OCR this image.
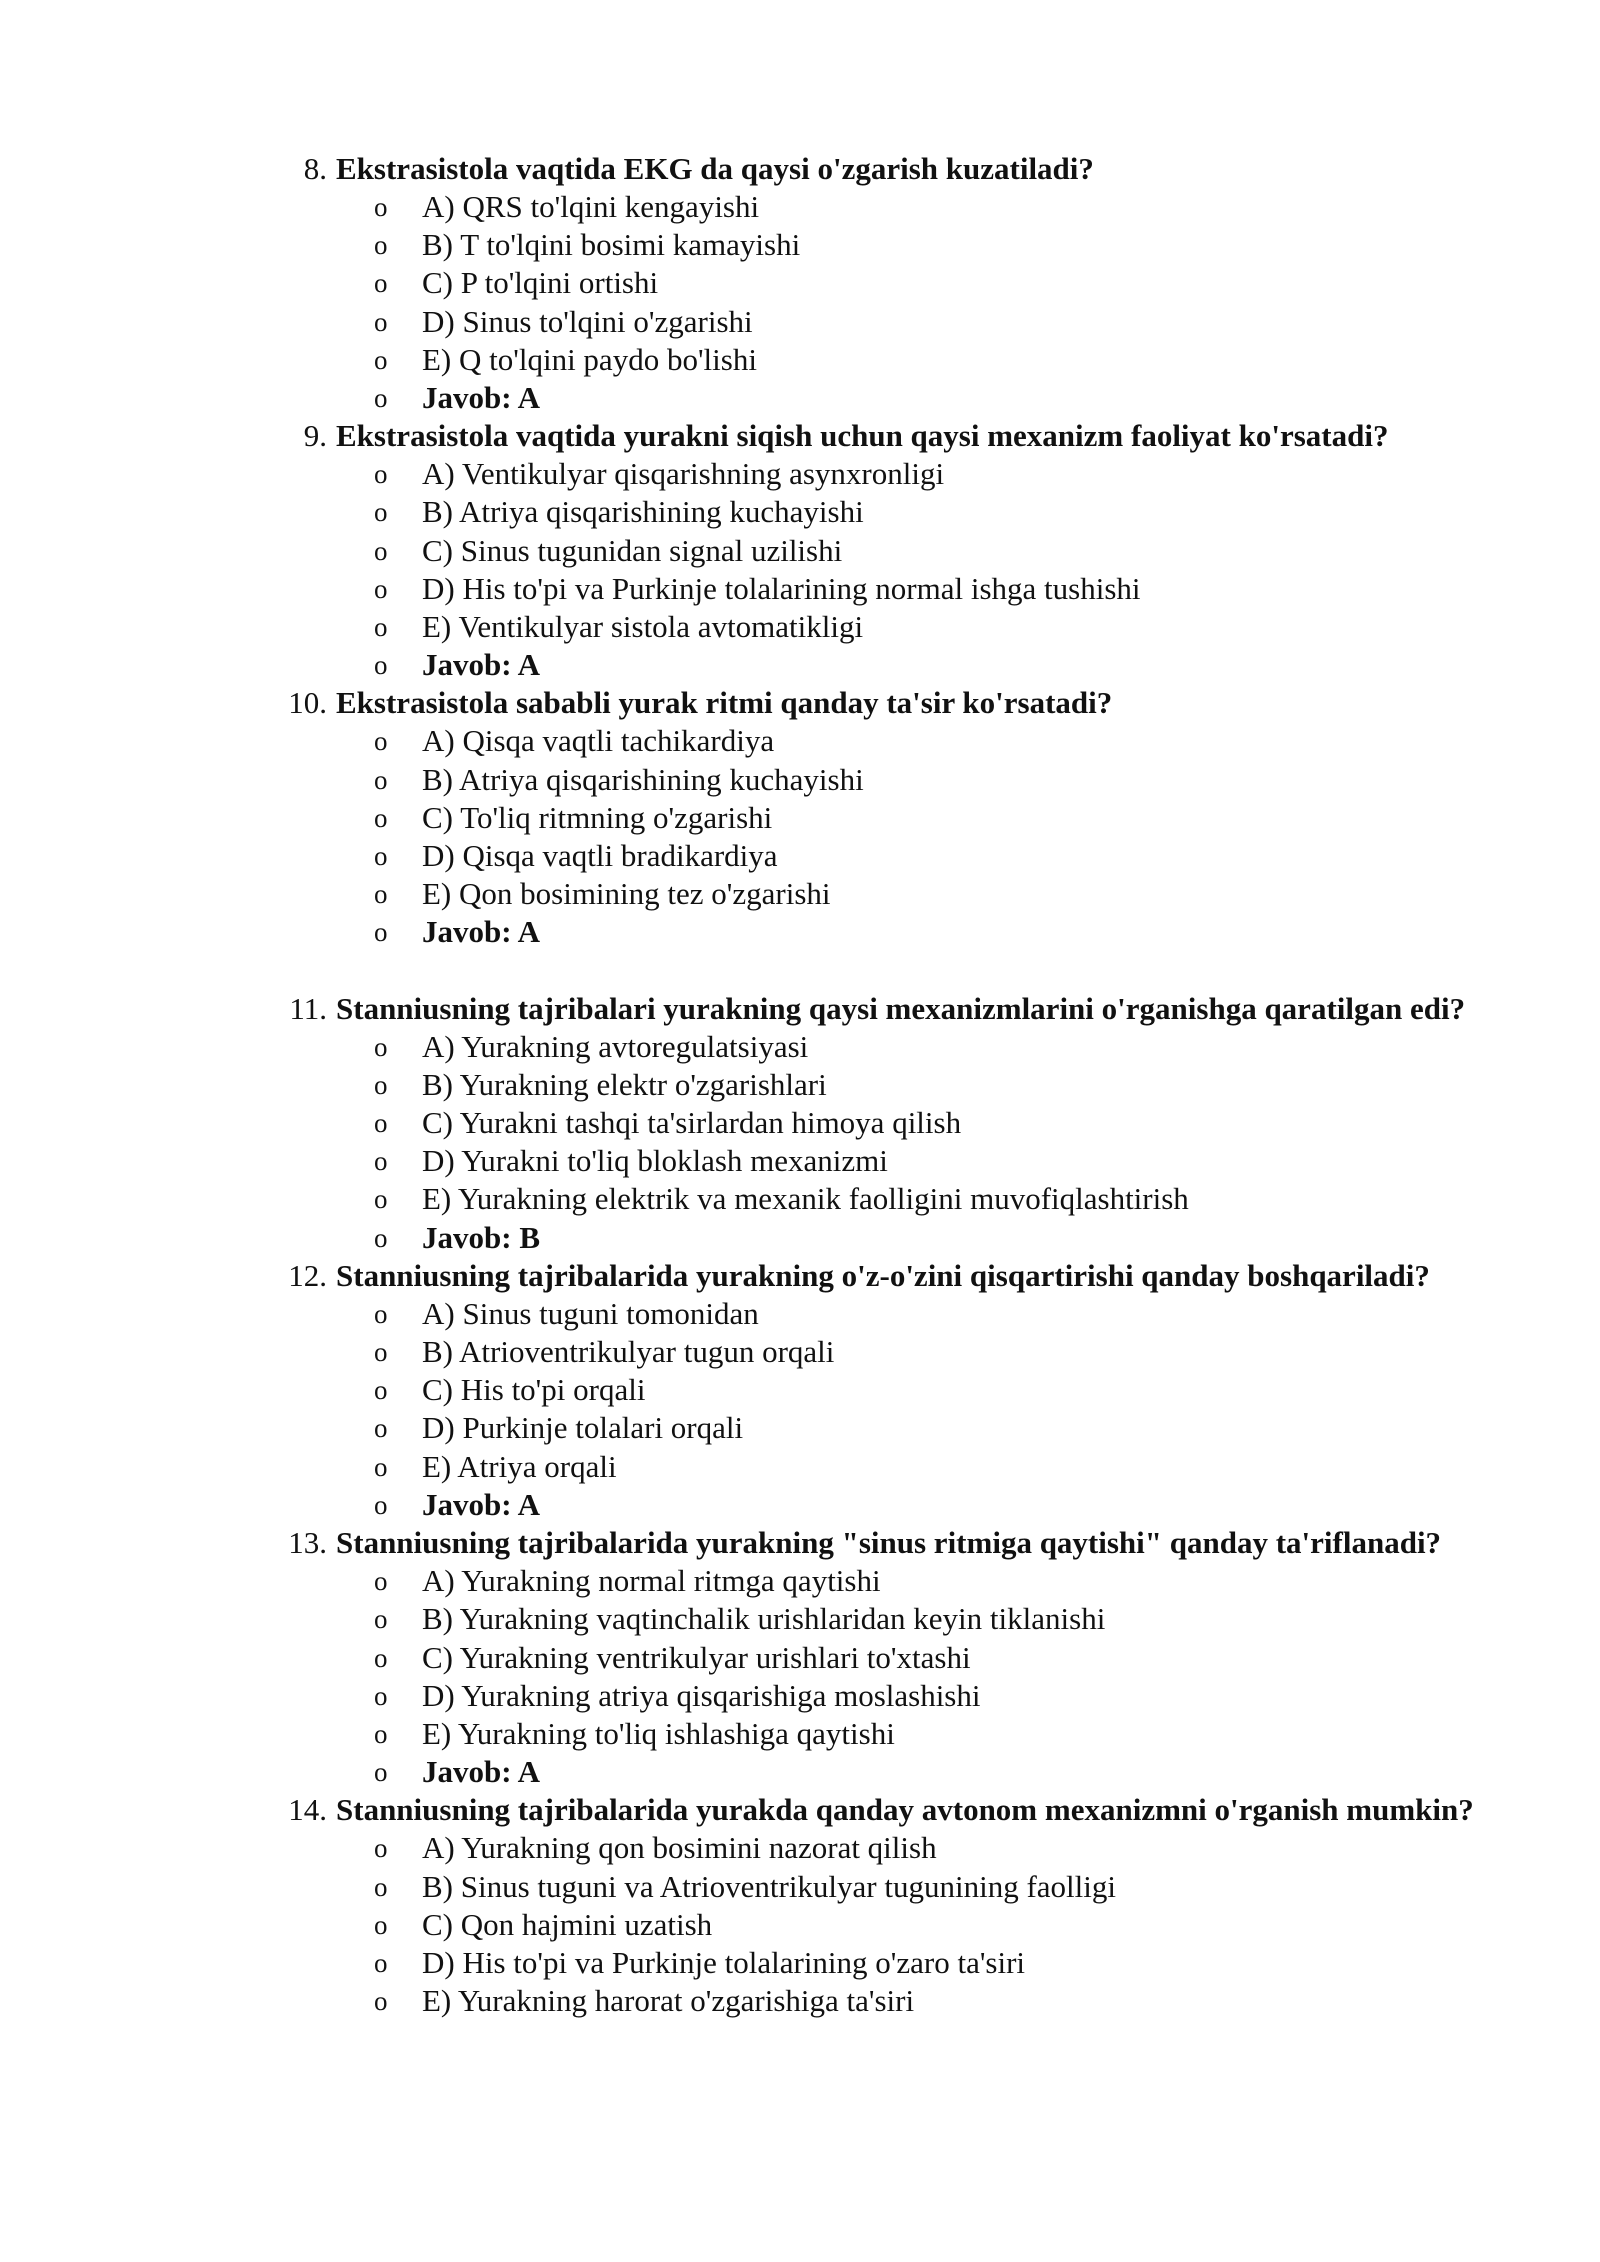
8. Ekstrasistola vaqtida EKG da qaysi o'zgarish kuzatiladi?
o	A) QRS to'lqini kengayishi
o	B) T to'lqini bosimi kamayishi
o	C) P to'lqini ortishi
o	D) Sinus to'lqini o'zgarishi
o	E) Q to'lqini paydo bo'lishi
o	Javob: A
9. Ekstrasistola vaqtida yurakni siqish uchun qaysi mexanizm faoliyat ko'rsatadi?
o	A) Ventikulyar qisqarishning asynxronligi
o	B) Atriya qisqarishining kuchayishi
o	C) Sinus tugunidan signal uzilishi
o	D) His to'pi va Purkinje tolalarining normal ishga tushishi
o	E) Ventikulyar sistola avtomatikligi
o	Javob: A
10. Ekstrasistola sababli yurak ritmi qanday ta'sir ko'rsatadi?
o	A) Qisqa vaqtli tachikardiya
o	B) Atriya qisqarishining kuchayishi
o	C) To'liq ritmning o'zgarishi
o	D) Qisqa vaqtli bradikardiya
o	E) Qon bosimining tez o'zgarishi
o	Javob: A
11. Stanniusning tajribalari yurakning qaysi mexanizmlarini o'rganishga qaratilgan edi?
o	A) Yurakning avtoregulatsiyasi
o	B) Yurakning elektr o'zgarishlari
o	C) Yurakni tashqi ta'sirlardan himoya qilish
o	D) Yurakni to'liq bloklash mexanizmi
o	E) Yurakning elektrik va mexanik faolligini muvofiqlashtirish
o	Javob: B
12. Stanniusning tajribalarida yurakning o'z-o'zini qisqartirishi qanday boshqariladi?
o	A) Sinus tuguni tomonidan
o	B) Atrioventrikulyar tugun orqali
o	C) His to'pi orqali
o	D) Purkinje tolalari orqali
o	E) Atriya orqali
o	Javob: A
13. Stanniusning tajribalarida yurakning "sinus ritmiga qaytishi" qanday ta'riflanadi?
o	A) Yurakning normal ritmga qaytishi
o	B) Yurakning vaqtinchalik urishlaridan keyin tiklanishi
o	C) Yurakning ventrikulyar urishlari to'xtashi
o	D) Yurakning atriya qisqarishiga moslashishi
o	E) Yurakning to'liq ishlashiga qaytishi
o	Javob: A
14. Stanniusning tajribalarida yurakda qanday avtonom mexanizmni o'rganish mumkin?
o	A) Yurakning qon bosimini nazorat qilish
o	B) Sinus tuguni va Atrioventrikulyar tugunining faolligi
o	C) Qon hajmini uzatish
o	D) His to'pi va Purkinje tolalarining o'zaro ta'siri
o	E) Yurakning harorat o'zgarishiga ta'siri
